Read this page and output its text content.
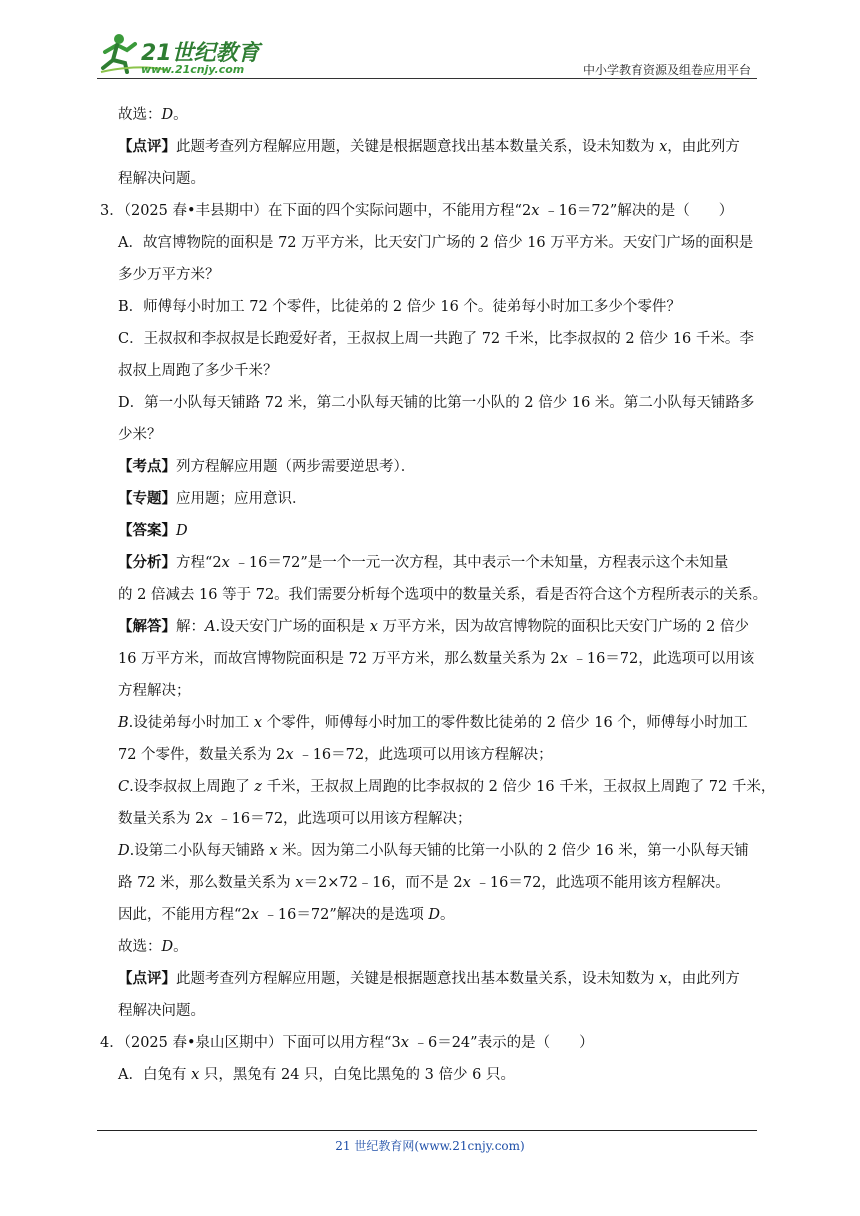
21世纪教育
www.21cnjy.com	中小学教育资源及组卷应用平台
故选：D。
【点评】此题考查列方程解应用题，关键是根据题意找出基本数量关系，设未知数为 x，由此列方
程解决问题。
3．（2025 春•丰县期中）在下面的四个实际问题中，不能用方程“2x ﹣16＝72”解决的是（　　）
A．故宫博物院的面积是 72 万平方米，比天安门广场的 2 倍少 16 万平方米。天安门广场的面积是
多少万平方米？
B．师傅每小时加工 72 个零件，比徒弟的 2 倍少 16 个。徒弟每小时加工多少个零件？
C．王叔叔和李叔叔是长跑爱好者，王叔叔上周一共跑了 72 千米，比李叔叔的 2 倍少 16 千米。李
叔叔上周跑了多少千米？
D．第一小队每天铺路 72 米，第二小队每天铺的比第一小队的 2 倍少 16 米。第二小队每天铺路多
少米？
【考点】列方程解应用题（两步需要逆思考）．
【专题】应用题；应用意识．
【答案】D
【分析】方程“2x ﹣16＝72”是一个一元一次方程，其中表示一个未知量，方程表示这个未知量
的 2 倍减去 16 等于 72。我们需要分析每个选项中的数量关系，看是否符合这个方程所表示的关系。
【解答】解：A.设天安门广场的面积是 x 万平方米，因为故宫博物院的面积比天安门广场的 2 倍少
16 万平方米，而故宫博物院面积是 72 万平方米，那么数量关系为 2x ﹣16＝72，此选项可以用该
方程解决；
B.设徒弟每小时加工 x 个零件，师傅每小时加工的零件数比徒弟的 2 倍少 16 个，师傅每小时加工
72 个零件，数量关系为 2x ﹣16＝72，此选项可以用该方程解决；
C.设李叔叔上周跑了 z 千米，王叔叔上周跑的比李叔叔的 2 倍少 16 千米，王叔叔上周跑了 72 千米，
数量关系为 2x ﹣16＝72，此选项可以用该方程解决；
D.设第二小队每天铺路 x 米。因为第二小队每天铺的比第一小队的 2 倍少 16 米，第一小队每天铺
路 72 米，那么数量关系为 x＝2×72﹣16，而不是 2x ﹣16＝72，此选项不能用该方程解决。
因此，不能用方程“2x ﹣16＝72”解决的是选项 D。
故选：D。
【点评】此题考查列方程解应用题，关键是根据题意找出基本数量关系，设未知数为 x，由此列方
程解决问题。
4．（2025 春•泉山区期中）下面可以用方程“3x ﹣6＝24”表示的是（　　）
A．白兔有 x 只，黑兔有 24 只，白兔比黑兔的 3 倍少 6 只。
21 世纪教育网(www.21cnjy.com)
